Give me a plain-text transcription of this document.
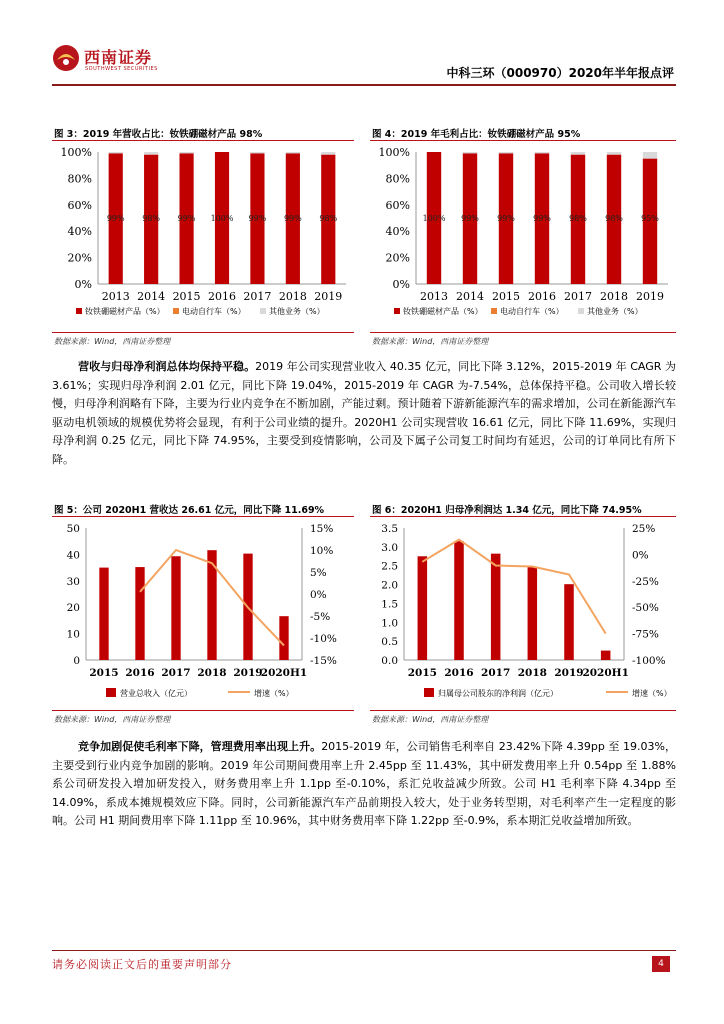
西南证券
SOUTHWEST SECURITIES	中科三环（000970）2020年半年报点评
图 3：2019 年营收占比：钕铁硼磁材产品 98%
0%
20%
40%
60%
80%
100%
99%
2013
98%
2014
99%
2015
100%
2016
99%
2017
99%
2018
98%
2019
钕铁硼磁材产品（%） 电动自行车（%）	其他业务（%）
数据来源：Wind，西南证券整理
图 4：2019 年毛利占比：钕铁硼磁材产品 95%
0%
20%
40%
60%
80%
100%
100%
2013
99%
2014
99%
2015
99%
2016
98%
2017
98%
2018
95%
2019
钕铁硼磁材产品（%） 电动自行车（%）	其他业务（%）
数据来源：Wind，西南证券整理
营收与归母净利润总体均保持平稳。2019 年公司实现营业收入 40.35 亿元，同比下降 3.12%，2015-2019 年 CAGR 为 3.61%；实现归母净利润 2.01 亿元，同比下降 19.04%，2015-2019 年 CAGR 为-7.54%，总体保持平稳。公司收入增长较慢，归母净利润略有下降，主要为行业内竞争在不断加剧，产能过剩。预计随着下游新能源汽车的需求增加，公司在新能源汽车驱动电机领域的规模优势将会显现，有利于公司业绩的提升。2020H1 公司实现营收 16.61 亿元，同比下降 11.69%，实现归母净利润 0.25 亿元，同比下降 74.95%，主要受到疫情影响，公司及下属子公司复工时间均有延迟，公司的订单同比有所下降。
图 5：公司 2020H1 营收达 26.61 亿元，同比下降 11.69%
0
10
20
30
40
50
-15%
-10%
-5%
0%
5%
10%
15%
2015 2016 2017 2018 2019
2020H1
营业总收入（亿元）	增速（%）
数据来源：Wind，西南证券整理
图 6：2020H1 归母净利润达 1.34 亿元，同比下降 74.95%
0.0
0.5
1.0
1.5
2.0
2.5
3.0
3.5
-100%
-75%
-50%
-25%
0%
25%
2015 2016 2017 2018 2019
2020H1
归属母公司股东的净利润（亿元）	增速（%）
数据来源：Wind，西南证券整理
竞争加剧促使毛利率下降，管理费用率出现上升。2015-2019 年，公司销售毛利率自 23.42%下降 4.39pp 至 19.03%，主要受到行业内竞争加剧的影响。2019 年公司期间费用率上升 2.45pp 至 11.43%，其中研发费用率上升 0.54pp 至 1.88%系公司研发投入增加研发投入，财务费用率上升 1.1pp 至-0.10%，系汇兑收益减少所致。公司 H1 毛利率下降 4.34pp 至 14.09%，系成本摊规模效应下降。同时，公司新能源汽车产品前期投入较大，处于业务转型期，对毛利率产生一定程度的影响。公司 H1 期间费用率下降 1.11pp 至 10.96%，其中财务费用率下降 1.22pp 至-0.9%，系本期汇兑收益增加所致。
请务必阅读正文后的重要声明部分	4
